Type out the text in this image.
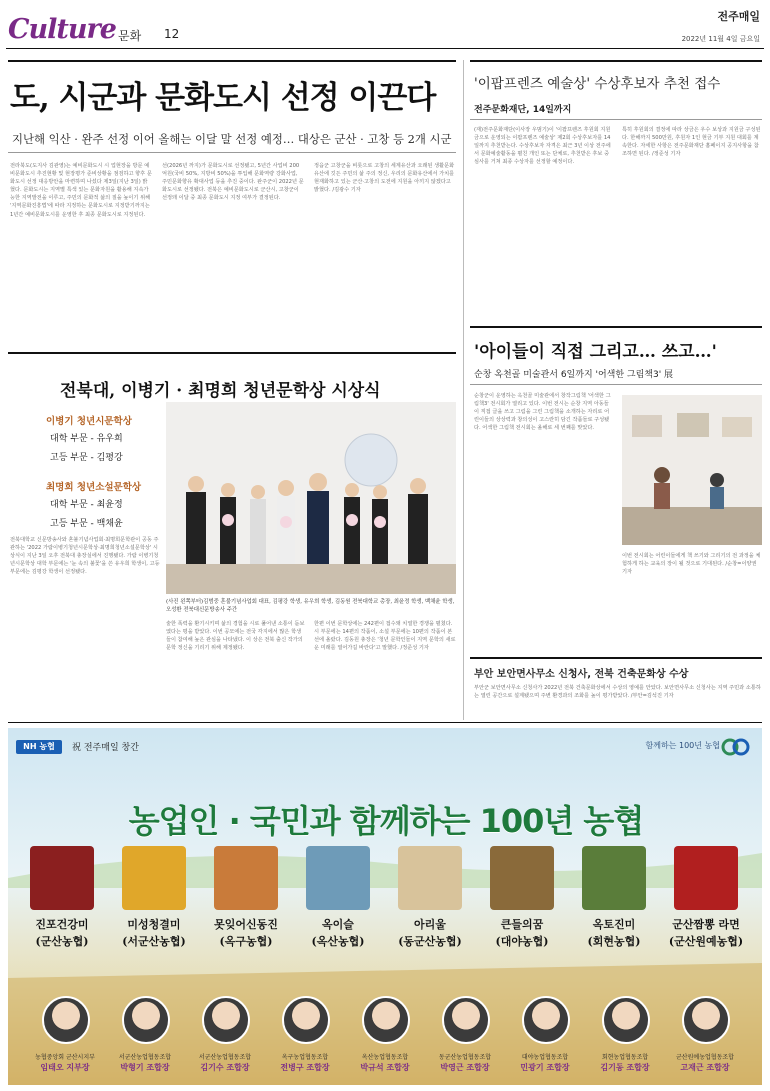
Culture 문화 12
전주매일
2022년 11월 4일 금요일
도, 시군과 문화도시 선정 이끈다
지난해 익산 · 완주 선정 이어 올해는 이달 말 선정 예정… 대상은 군산 · 고창 등 2개 시군
전라북도(도지사 김관영)는 예비문화도시 시 업현장을 방문 예비문화도시 추진현황 및 현장평가 준비상황을 점검하고 향후 문화도시 선정 대응방안을 마련하며 나섰다 제3일(지난 3일) 밝혔다. 문화도시는 지역별 특색 있는 문화자원을 활용해 지속가능한 지역발전을 이루고, 주민의 문화적 삶의 질을 높이기 위해 '지역문화진흥법'에 따라 지정하는 문화도시로 지정받기까지는 1년간 예비문화도시를 운영한 후 최종 문화도시로 지정된다.
선(2026년 까지)가 문화도시로 선정됐고, 5년간 사업비 200억원(국비 50%, 지방비 50%)을 투입해 문화역량 강화사업, 주민문화향유 확대사업 등을 추진 중이다. 완주군이 2022년 문화도시로 선정됐다. 전북은 예비문화도시로 군산시, 고창군이 선정돼 이달 중 최종 문화도시 지정 여부가 결정된다.
정읍군 고창군을 비롯으로 고창의 세계유산과 오래된 생활문화 유산에 깃든 주민의 삶 주의 정신, 우리의 문화유산에서 가치를 현재화하고 있는 군산·고창의 도전에 지원을 아끼지 않겠다고 밝혔다. /김광수 기자
'이팝프렌즈 예술상' 수상후보자 추천 접수
전주문화재단, 14일까지
(재)전주문화재단(이사장 우범기)이 '이팝프렌즈 후원회 지원금으로 운영되는 이팝프렌즈 예술상' 제2회 수상후보자를 14일까지 추천받는다. 수상후보자 자격은 최근 3년 이상 전주에서 문화예술활동을 펼친 개인 또는 단체로, 추천받은 후보 중 심사를 거쳐 최종 수상자를 선정할 예정이다.
특히 후원회의 결정에 따라 상금은 우수 보상과 지원금 구성된다. 한해까지 500만원, 후원자 1인 현금 기부 지원 대회를 계속한다. 자세한 사항은 전주문화재단 홈페이지 공지사항을 참조하면 된다. /정준성 기자
'아이들이 직접 그리고… 쓰고…'
순창 옥천골 미술관서 6일까지 '어색한 그림책3' 展
순창군이 운영하는 옥천골 미술관에서 창작그림책 '어색한 그림책3' 전시회가 열리고 있다. 이번 전시는 순창 지역 아동들이 직접 글을 쓰고 그림을 그린 그림책을 소개하는 자리로 어린이들의 상상력과 창의성이 고스란히 담긴 작품들로 구성됐다. 어색한 그림책 전시회는 올해로 세 번째를 맞았다.
이번 전시회는 어린이들에게 책 쓰기와 그리기의 전 과정을 체험하게 하는 교육의 장이 될 것으로 기대된다. /순창=이양권 기자
부안 보안면사무소 신청사, 전북 건축문화상 수상
부안군 보안면사무소 신청사가 2022년 전북 건축문화상에서 수상의 영예를 안았다. 보안면사무소 신청사는 지역 주민과 소통하는 열린 공간으로 설계됐으며 주변 환경과의 조화를 높이 평가받았다. /부안=김석진 기자
전북대, 이병기 · 최명희 청년문학상 시상식
이병기 청년시문학상
대학 부문 - 유우희
고등 부문 - 김평강
최명희 청년소설문학상
대학 부문 - 최윤정
고등 부문 - 백채윤
전북대학교 신문방송사와 혼불기념사업회·최명희문학관이 공동 주관하는 '2022 가람이병기청년시문학상·최명희청년소설문학상' 시상식이 지난 3일 오후 전북대 총장실에서 진행됐다. 가람 이병기청년시문학상 대학 부문에는 '눈 속의 불꽃'을 쓴 유우희 학생이, 고등 부문에는 김평강 학생이 선정됐다.
(사진 왼쪽부터)김범중 혼불기념사업회 대표, 김평강 학생, 유우희 학생, 김동원 전북대학교 총장, 최윤정 학생, 백채윤 학생, 오성환 전북대신문방송사 주간
술한 폭력을 환기시키며 삶의 경험을 시로 풀어낸 소통이 돋보였다는 평을 받았다. 이번 공모에는 전국 각지에서 많은 학생들이 참여해 높은 관심을 나타냈다. 이 상은 전북 출신 작가의 문학 정신을 기리기 위해 제정됐다.
한편 이번 문학상에는 242편이 접수돼 치열한 경쟁을 펼쳤다. 시 부문에는 14편의 작품이, 소설 부문에는 10편의 작품이 본선에 올랐다. 김동원 총장은 '청년 문학인들이 지역 문학의 새로운 미래를 열어가길 바란다'고 말했다. /정준성 기자
NH 농협	祝 전주매일 창간	함께하는 100년 농협
농업인 · 국민과 함께하는 100년 농협
진포건강미
(군산농협)
미성청결미
(서군산농협)
못잊어신동진
(옥구농협)
옥이슬
(옥산농협)
아리울
(동군산농협)
큰들의꿈
(대야농협)
옥토진미
(회현농협)
군산짬뽕 라면
(군산원예농협)
농협중앙회 군산시지부
임태오 지부장
서군산농업협동조합
박형기 조합장
서군산농업협동조합
김기수 조합장
옥구농업협동조합
전병구 조합장
옥산농업협동조합
박규석 조합장
동군산농업협동조합
박영근 조합장
대야농업협동조합
민광기 조합장
회현농업협동조합
김기동 조합장
군산원예농업협동조합
고재근 조합장
